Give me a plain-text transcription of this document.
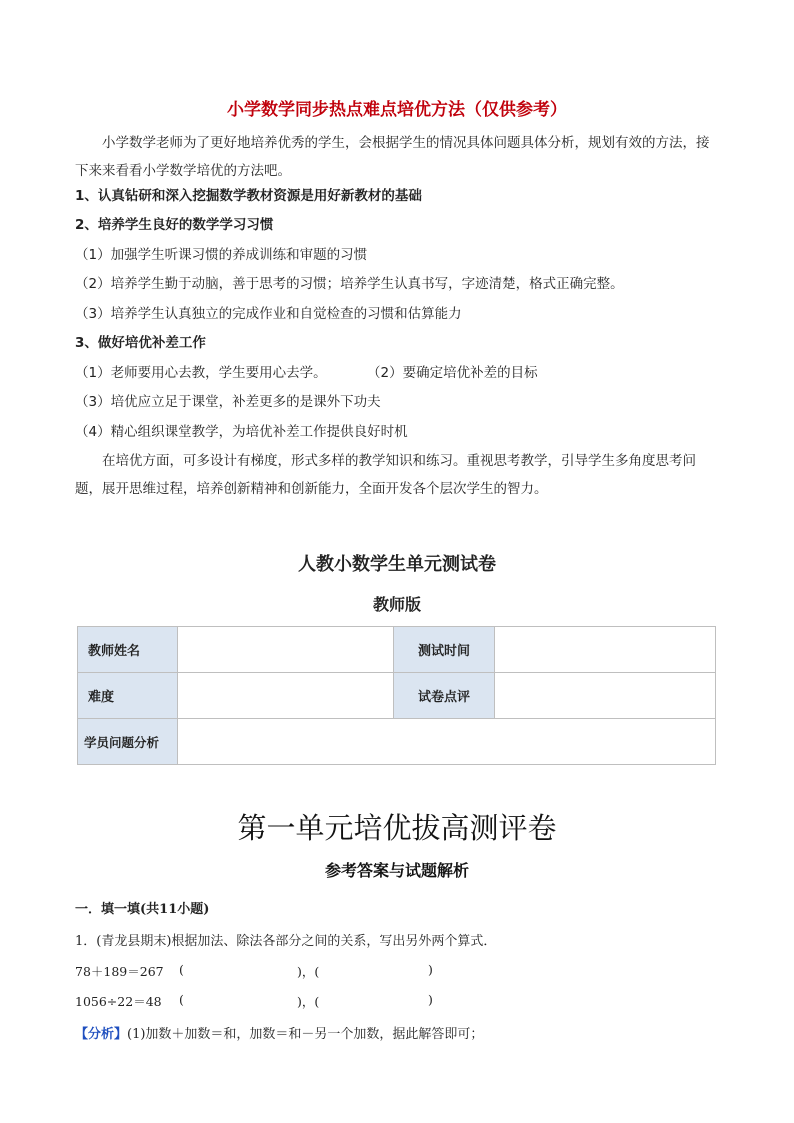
小学数学同步热点难点培优方法（仅供参考）
小学数学老师为了更好地培养优秀的学生，会根据学生的情况具体问题具体分析，规划有效的方法，接下来来看看小学数学培优的方法吧。
1、认真钻研和深入挖掘数学教材资源是用好新教材的基础
2、培养学生良好的数学学习习惯
（1）加强学生听课习惯的养成训练和审题的习惯
（2）培养学生勤于动脑，善于思考的习惯；培养学生认真书写，字迹清楚，格式正确完整。
（3）培养学生认真独立的完成作业和自觉检查的习惯和估算能力
3、做好培优补差工作
（1）老师要用心去教，学生要用心去学。	（2）要确定培优补差的目标
（3）培优应立足于课堂，补差更多的是课外下功夫
（4）精心组织课堂教学，为培优补差工作提供良好时机
在培优方面，可多设计有梯度，形式多样的教学知识和练习。重视思考教学，引导学生多角度思考问题，展开思维过程，培养创新精神和创新能力，全面开发各个层次学生的智力。
人教小数学生单元测试卷
教师版
教师姓名		测试时间	
难度		试卷点评	
学员问题分析			
第一单元培优拔高测评卷
参考答案与试题解析
一．填一填(共11小题)
1．(青龙县期末)根据加法、除法各部分之间的关系，写出另外两个算式．
78＋189＝267 (	)，(	)
1056÷22＝48 (	)，(	)
【分析】(1)加数＋加数＝和，加数＝和－另一个加数，据此解答即可；
